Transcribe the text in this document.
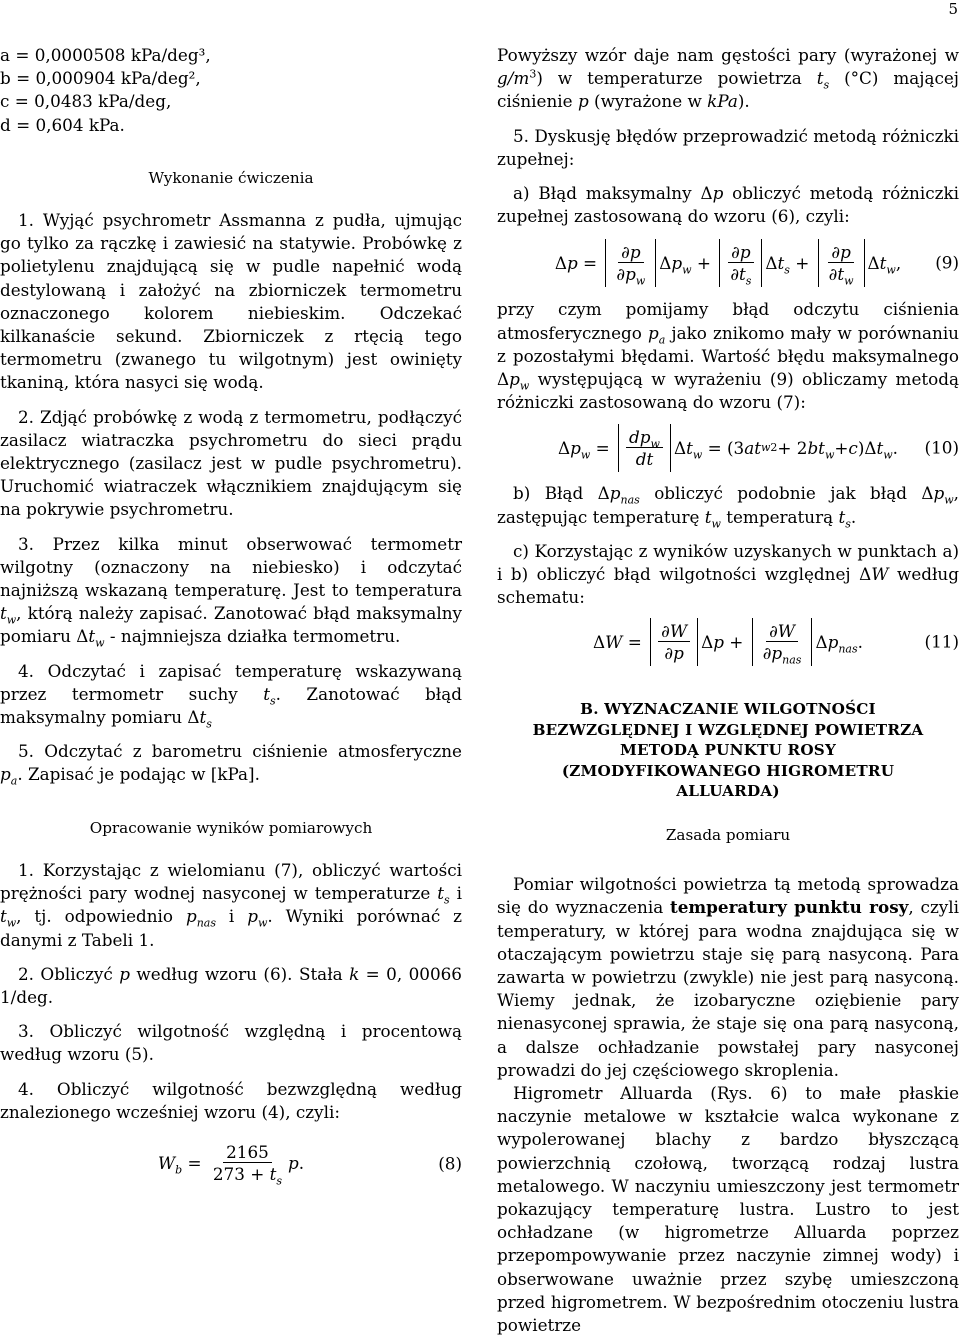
5

a = 0,0000508 kPa/deg³,

b = 0,000904 kPa/deg²,

c = 0,0483 kPa/deg,

d = 0,604 kPa.

Wykonanie ćwiczenia

1. Wyjąć psychrometr Assmanna z pudła, ujmując go tylko za rączkę i zawiesić na statywie. Probówkę z polietylenu znajdującą się w pudle napełnić wodą destylowaną i założyć na zbiorniczek termometru oznaczonego kolorem niebieskim. Odczekać kilkanaście sekund. Zbiorniczek z rtęcią tego termometru (zwanego tu wilgotnym) jest owinięty tkaniną, która nasyci się wodą.

2. Zdjąć probówkę z wodą z termometru, podłączyć zasilacz wiatraczka psychrometru do sieci prądu elektrycznego (zasilacz jest w pudle psychrometru). Uruchomić wiatraczek włącznikiem znajdującym się na pokrywie psychrometru.

3. Przez kilka minut obserwować termometr wilgotny (oznaczony na niebiesko) i odczytać najniższą wskazaną temperaturę. Jest to temperatura $t_w$, którą należy zapisać. Zanotować błąd maksymalny pomiaru $\Delta t_w$ - najmniejsza działka termometru.

4. Odczytać i zapisać temperaturę wskazywaną przez termometr suchy $t_s$. Zanotować błąd maksymalny pomiaru $\Delta t_s$

5. Odczytać z barometru ciśnienie atmosferyczne $p_a$. Zapisać je podając w [kPa].

Opracowanie wyników pomiarowych

1. Korzystając z wielomianu (7), obliczyć wartości prężności pary wodnej nasyconej w temperaturze $t_s$ i $t_w$, tj. odpowiednio $p_{nas}$ i $p_w$. Wyniki porównać z danymi z Tabeli 1.

2. Obliczyć p według wzoru (6). Stała k = 0, 00066 1/deg.

3. Obliczyć wilgotność względną i procentową według wzoru (5).

4. Obliczyć wilgotność bezwzględną według znalezionego wcześniej wzoru (4), czyli:

$W_b = \frac{2165}{273 + t_s}$ p .	(8)

Powyższy wzór daje nam gęstości pary (wyrażonej w $g/m^3$) w temperaturze powietrza $t_s$ (°C) mającej ciśnienie p (wyrażone w kPa).

5. Dyskusję błędów przeprowadzić metodą różniczki zupełnej:

a) Błąd maksymalny Δp obliczyć metodą różniczki zupełnej zastosowaną do wzoru (6), czyli:

Δ $p = \frac{\partial p}{\partial p_w}$ Δ $p_w + \frac{\partial p}{\partial t_s}$ Δ $t_s + \frac{\partial p}{\partial t_w}$ Δ $t_w$ ,	(9)

przy czym pomijamy błąd odczytu ciśnienia atmosferycznego $p_a$ jako znikomo mały w porównaniu z pozostałymi błędami. Wartość błędu maksymalnego $\Delta p_w$ występującą w wyrażeniu (9) obliczamy metodą różniczki zastosowaną do wzoru (7):

Δ $p_w = \frac{dp_w}{dt}$ Δ $t_w = (3$ at w 2 + 2 $bt_w + c$ )Δ $t_w$ .	(10)

b) Błąd $\Delta p_{nas}$ obliczyć podobnie jak błąd $\Delta p_w$, zastępując temperaturę $t_w$ temperaturą $t_s$.

c) Korzystając z wyników uzyskanych w punktach a) i b) obliczyć błąd wilgotności względnej ΔW według schematu:

Δ $W = \frac{\partial W}{\partial p}$ Δ $p + \frac{\partial W}{\partial p_{nas}}$ Δ $p_{nas}$ .	(11)

B. WYZNACZANIE WILGOTNOŚCI
BEZWZGLĘDNEJ I WZGLĘDNEJ POWIETRZA
METODĄ PUNKTU ROSY
(ZMODYFIKOWANEGO HIGROMETRU
ALLUARDA)

Zasada pomiaru

Pomiar wilgotności powietrza tą metodą sprowadza się do wyznaczenia temperatury punktu rosy, czyli temperatury, w której para wodna znajdująca się w otaczającym powietrzu staje się parą nasyconą. Para zawarta w powietrzu (zwykle) nie jest parą nasyconą. Wiemy jednak, że izobaryczne oziębienie pary nienasyconej sprawia, że staje się ona parą nasyconą, a dalsze ochładzanie powstałej pary nasyconej prowadzi do jej częściowego skroplenia.

Higrometr Alluarda (Rys. 6) to małe płaskie naczynie metalowe w kształcie walca wykonane z wypolerowanej blachy z bardzo błyszczącą powierzchnią czołową, tworzącą rodzaj lustra metalowego. W naczyniu umieszczony jest termometr pokazujący temperaturę lustra. Lustro to jest ochładzane (w higrometrze Alluarda poprzez przepompowywanie przez naczynie zimnej wody) i obserwowane uważnie przez szybę umieszczoną przed higrometrem. W bezpośrednim otoczeniu lustra powietrze
